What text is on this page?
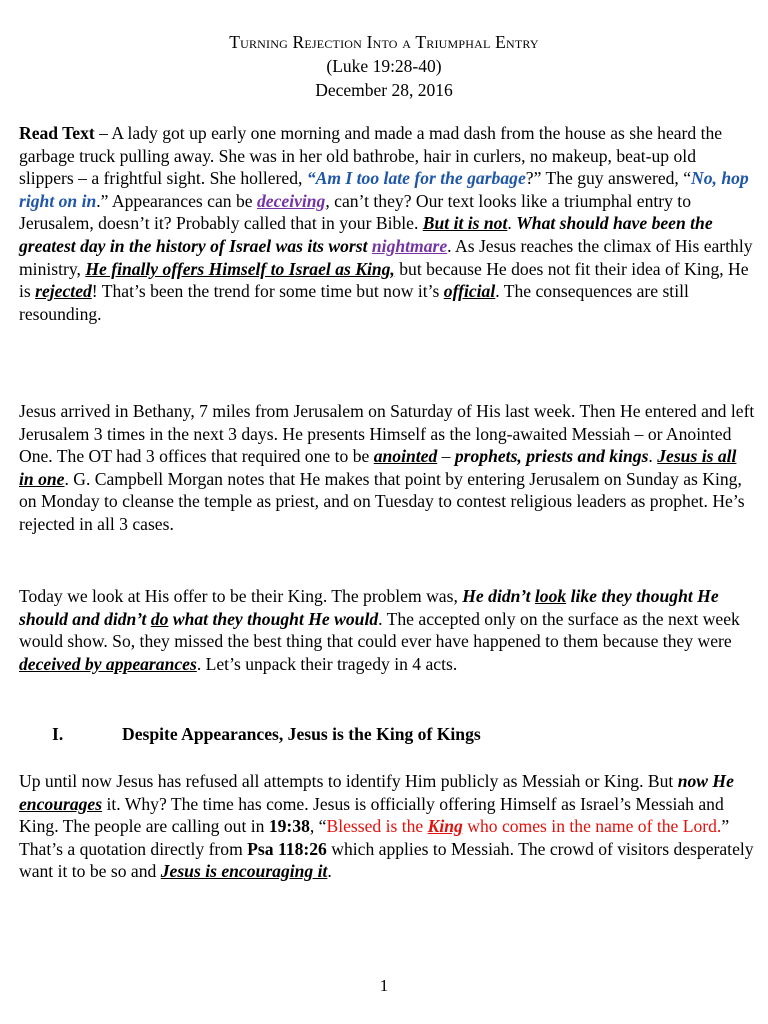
Turning Rejection Into a Triumphal Entry
(Luke 19:28-40)
December 28, 2016
Read Text – A lady got up early one morning and made a mad dash from the house as she heard the garbage truck pulling away. She was in her old bathrobe, hair in curlers, no makeup, beat-up old slippers – a frightful sight. She hollered, “Am I too late for the garbage?” The guy answered, “No, hop right on in.” Appearances can be deceiving, can’t they? Our text looks like a triumphal entry to Jerusalem, doesn’t it? Probably called that in your Bible. But it is not. What should have been the greatest day in the history of Israel was its worst nightmare. As Jesus reaches the climax of His earthly ministry, He finally offers Himself to Israel as King, but because He does not fit their idea of King, He is rejected! That’s been the trend for some time but now it’s official. The consequences are still resounding.
Jesus arrived in Bethany, 7 miles from Jerusalem on Saturday of His last week. Then He entered and left Jerusalem 3 times in the next 3 days. He presents Himself as the long-awaited Messiah – or Anointed One. The OT had 3 offices that required one to be anointed – prophets, priests and kings. Jesus is all in one. G. Campbell Morgan notes that He makes that point by entering Jerusalem on Sunday as King, on Monday to cleanse the temple as priest, and on Tuesday to contest religious leaders as prophet. He’s rejected in all 3 cases.
Today we look at His offer to be their King. The problem was, He didn’t look like they thought He should and didn’t do what they thought He would. The accepted only on the surface as the next week would show. So, they missed the best thing that could ever have happened to them because they were deceived by appearances. Let’s unpack their tragedy in 4 acts.
I.	Despite Appearances, Jesus is the King of Kings
Up until now Jesus has refused all attempts to identify Him publicly as Messiah or King. But now He encourages it. Why? The time has come. Jesus is officially offering Himself as Israel’s Messiah and King. The people are calling out in 19:38, “Blessed is the King who comes in the name of the Lord.” That’s a quotation directly from Psa 118:26 which applies to Messiah. The crowd of visitors desperately want it to be so and Jesus is encouraging it.
1
